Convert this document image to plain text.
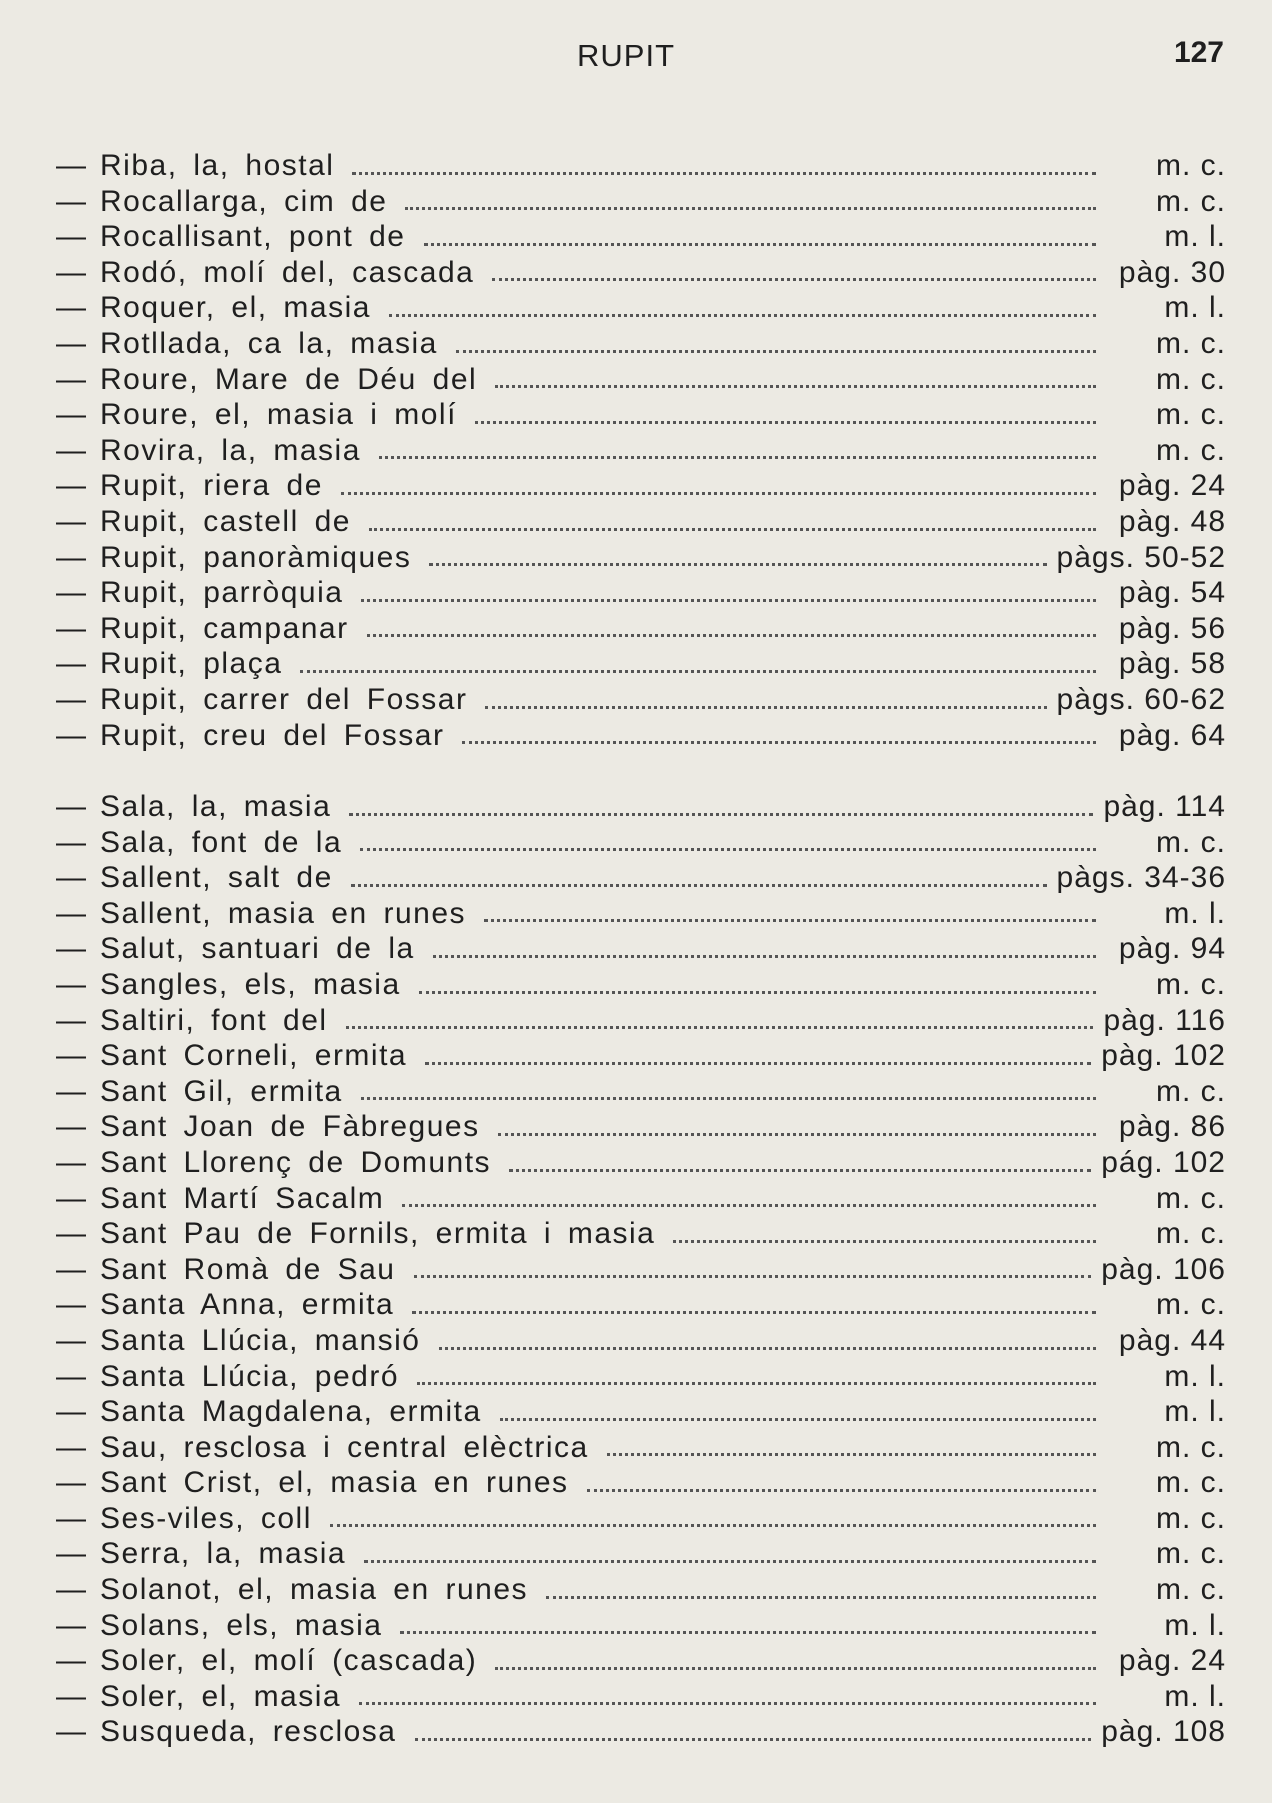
RUPIT	127
— Riba, la, hostal	m. c.
— Rocallarga, cim de	m. c.
— Rocallisant, pont de	m. l.
— Rodó, molí del, cascada	pàg. 30
— Roquer, el, masia	m. l.
— Rotllada, ca la, masia	m. c.
— Roure, Mare de Déu del	m. c.
— Roure, el, masia i molí	m. c.
— Rovira, la, masia	m. c.
— Rupit, riera de	pàg. 24
— Rupit, castell de	pàg. 48
— Rupit, panoràmiques	pàgs. 50-52
— Rupit, parròquia	pàg. 54
— Rupit, campanar	pàg. 56
— Rupit, plaça	pàg. 58
— Rupit, carrer del Fossar	pàgs. 60-62
— Rupit, creu del Fossar	pàg. 64
— Sala, la, masia	pàg. 114
— Sala, font de la	m. c.
— Sallent, salt de	pàgs. 34-36
— Sallent, masia en runes	m. l.
— Salut, santuari de la	pàg. 94
— Sangles, els, masia	m. c.
— Saltiri, font del	pàg. 116
— Sant Corneli, ermita	pàg. 102
— Sant Gil, ermita	m. c.
— Sant Joan de Fàbregues	pàg. 86
— Sant Llorenç de Domunts	pág. 102
— Sant Martí Sacalm	m. c.
— Sant Pau de Fornils, ermita i masia	m. c.
— Sant Romà de Sau	pàg. 106
— Santa Anna, ermita	m. c.
— Santa Llúcia, mansió	pàg. 44
— Santa Llúcia, pedró	m. l.
— Santa Magdalena, ermita	m. l.
— Sau, resclosa i central elèctrica	m. c.
— Sant Crist, el, masia en runes	m. c.
— Ses-viles, coll	m. c.
— Serra, la, masia	m. c.
— Solanot, el, masia en runes	m. c.
— Solans, els, masia	m. l.
— Soler, el, molí (cascada)	pàg. 24
— Soler, el, masia	m. l.
— Susqueda, resclosa	pàg. 108
